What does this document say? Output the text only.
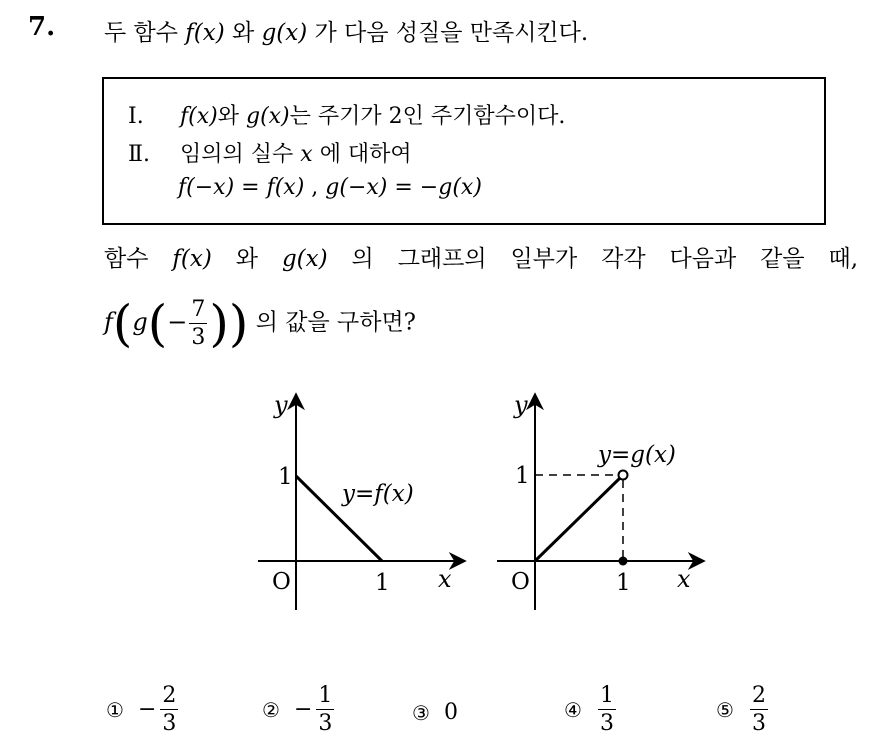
7. 두 함수 f(x) 와 g(x) 가 다음 성질을 만족시킨다.
Ⅰ. f(x)와 g(x)는 주기가 2인 주기함수이다.
Ⅱ. 임의의 실수 x 에 대하여
f(−x) = f(x) , g(−x) = −g(x)
함수 f(x) 와 g(x) 의 그래프의 일부가 각각 다음과 같을 때,
$f(g(- \frac{7}{3}$ )) 의 값을 구하면?
y
x
O
1
1
y=f(x)
y
x
O
1
1
y=g(x)
① − $\frac{2}{3}$	② − $\frac{1}{3}$	③ 0	④ $\frac{1}{3}$	⑤ $\frac{2}{3}$
